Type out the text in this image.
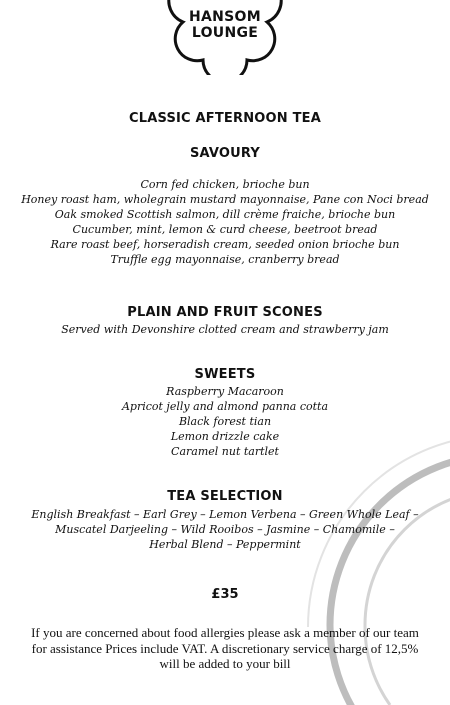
HANSOM
LOUNGE
CLASSIC AFTERNOON TEA
SAVOURY
Corn fed chicken, brioche bun
Honey roast ham, wholegrain mustard mayonnaise, Pane con Noci bread
Oak smoked Scottish salmon, dill crème fraiche, brioche bun
Cucumber, mint, lemon & curd cheese, beetroot bread
Rare roast beef, horseradish cream, seeded onion brioche bun
Truffle egg mayonnaise, cranberry bread
PLAIN AND FRUIT SCONES
Served with Devonshire clotted cream and strawberry jam
SWEETS
Raspberry Macaroon
Apricot jelly and almond panna cotta
Black forest tian
Lemon drizzle cake
Caramel nut tartlet
TEA SELECTION
English Breakfast – Earl Grey – Lemon Verbena – Green Whole Leaf –
Muscatel Darjeeling – Wild Rooibos – Jasmine – Chamomile –
Herbal Blend – Peppermint
£35
If you are concerned about food allergies please ask a member of our team
for assistance Prices include VAT. A discretionary service charge of 12,5%
will be added to your bill
